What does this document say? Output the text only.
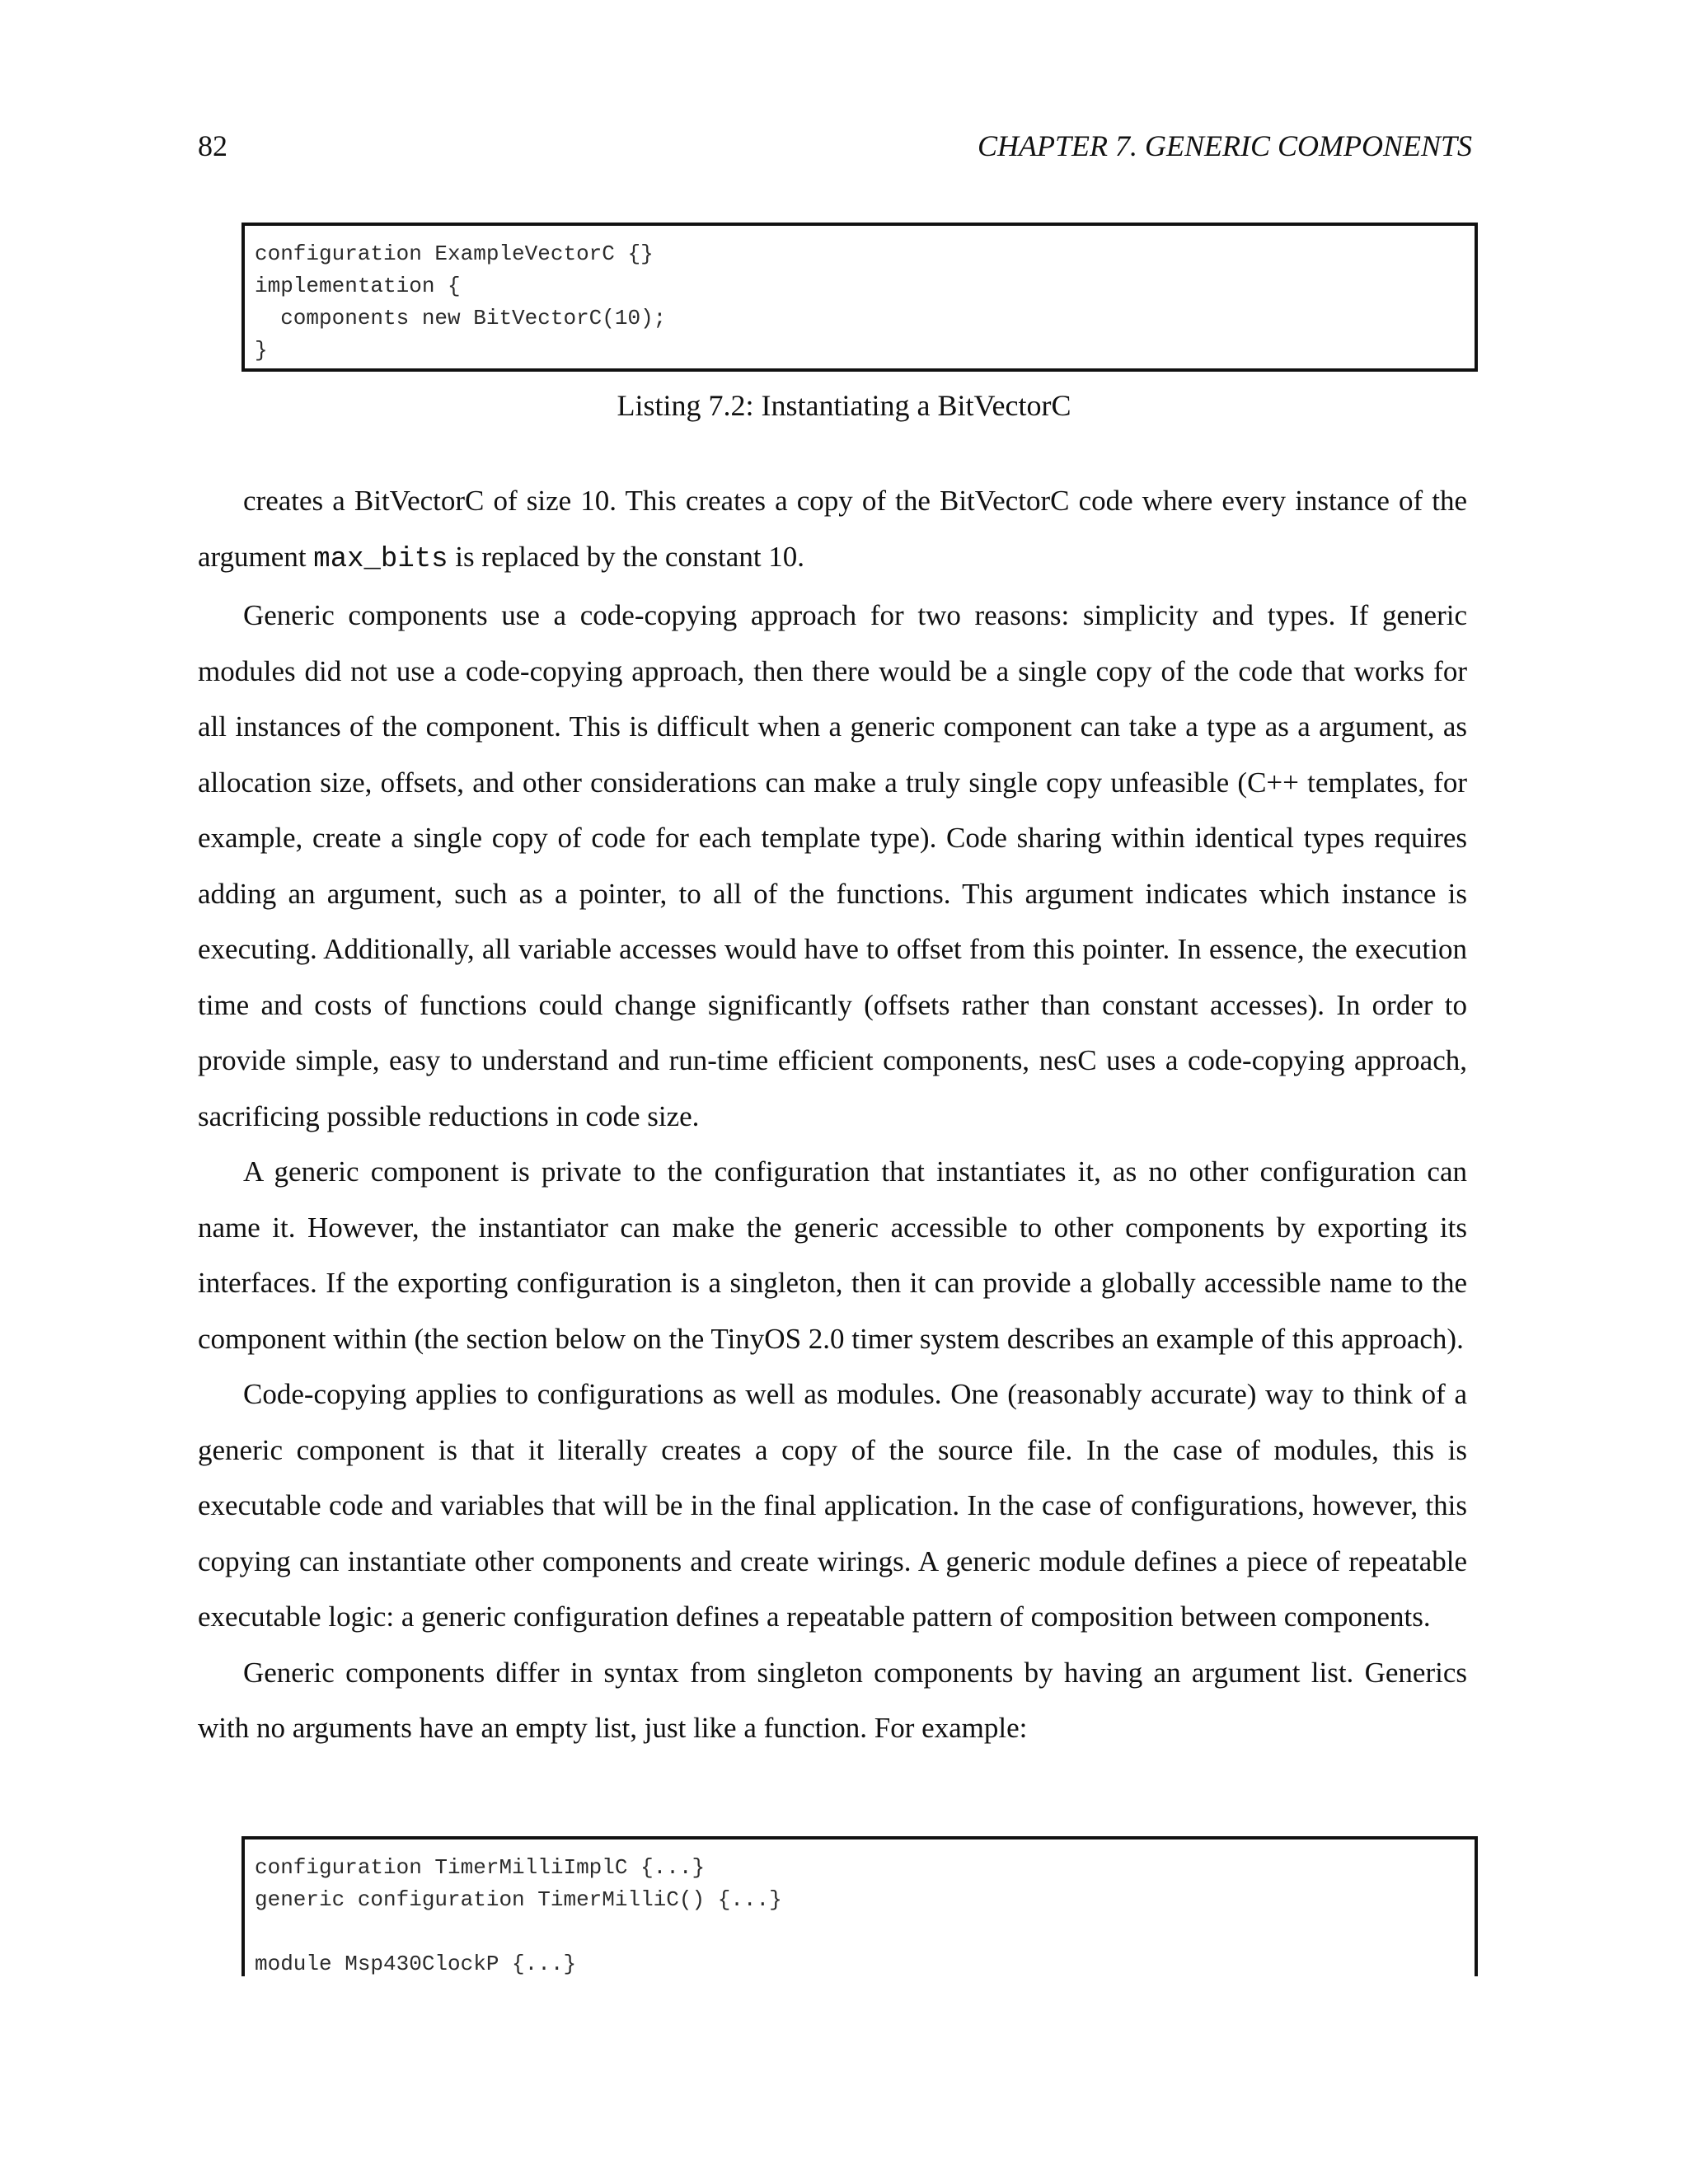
82	CHAPTER 7. GENERIC COMPONENTS
configuration ExampleVectorC {}
implementation {
components new BitVectorC(10);
}
Listing 7.2: Instantiating a BitVectorC

creates a BitVectorC of size 10. This creates a copy of the BitVectorC code where every instance of the argument max_bits is replaced by the constant 10.

Generic components use a code-copying approach for two reasons: simplicity and types. If generic modules did not use a code-copying approach, then there would be a single copy of the code that works for all instances of the component. This is difficult when a generic component can take a type as a argument, as allocation size, offsets, and other considerations can make a truly single copy unfeasible (C++ templates, for example, create a single copy of code for each template type). Code sharing within identical types requires adding an argument, such as a pointer, to all of the functions. This argument indicates which instance is executing. Additionally, all variable accesses would have to offset from this pointer. In essence, the execution time and costs of functions could change significantly (offsets rather than constant accesses). In order to provide simple, easy to understand and run-time efficient components, nesC uses a code-copying approach, sacrificing possible reductions in code size.

A generic component is private to the configuration that instantiates it, as no other configuration can name it. However, the instantiator can make the generic accessible to other components by exporting its interfaces. If the exporting configuration is a singleton, then it can provide a globally accessible name to the component within (the section below on the TinyOS 2.0 timer system describes an example of this approach).

Code-copying applies to configurations as well as modules. One (reasonably accurate) way to think of a generic component is that it literally creates a copy of the source file. In the case of modules, this is executable code and variables that will be in the final application. In the case of configurations, however, this copying can instantiate other components and create wirings. A generic module defines a piece of repeatable executable logic: a generic configuration defines a repeatable pattern of composition between components.

Generic components differ in syntax from singleton components by having an argument list. Generics with no arguments have an empty list, just like a function. For example:

configuration TimerMilliImplC {...}
generic configuration TimerMilliC() {...}
module Msp430ClockP {...}
